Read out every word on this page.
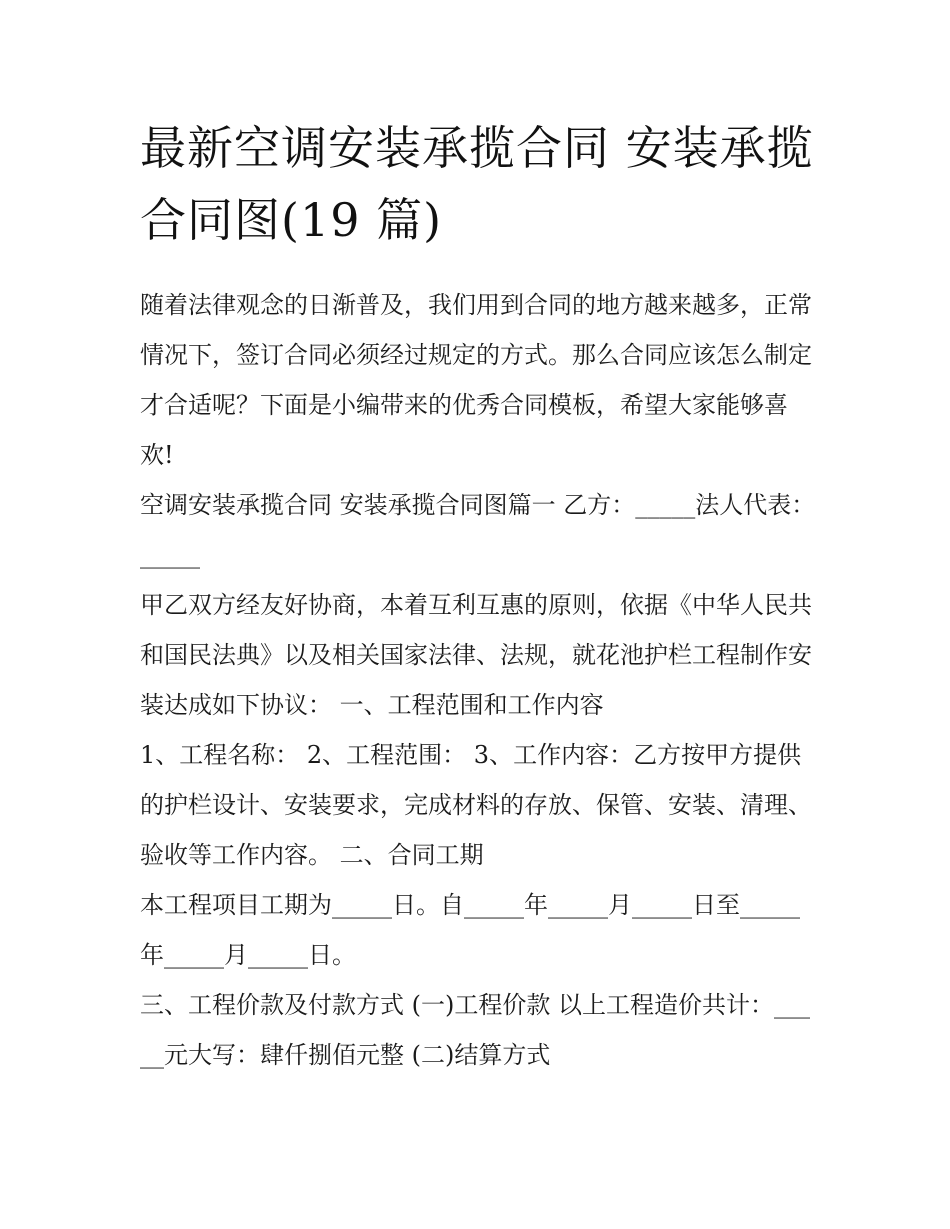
最新空调安装承揽合同 安装承揽合同图(19 篇)

随着法律观念的日渐普及，我们用到合同的地方越来越多，正常情况下，签订合同必须经过规定的方式。那么合同应该怎么制定才合适呢？下面是小编带来的优秀合同模板，希望大家能够喜欢!

空调安装承揽合同 安装承揽合同图篇一 乙方：_____法人代表：_____

甲乙双方经友好协商，本着互利互惠的原则，依据《中华人民共和国民法典》以及相关国家法律、法规，就花池护栏工程制作安装达成如下协议： 一、工程范围和工作内容

1、工程名称： 2、工程范围： 3、工作内容：乙方按甲方提供的护栏设计、安装要求，完成材料的存放、保管、安装、清理、验收等工作内容。 二、合同工期

本工程项目工期为_____日。自_____年_____月_____日至_____年_____月_____日。

三、工程价款及付款方式 (一)工程价款 以上工程造价共计：_____元大写：肆仟捌佰元整 (二)结算方式
